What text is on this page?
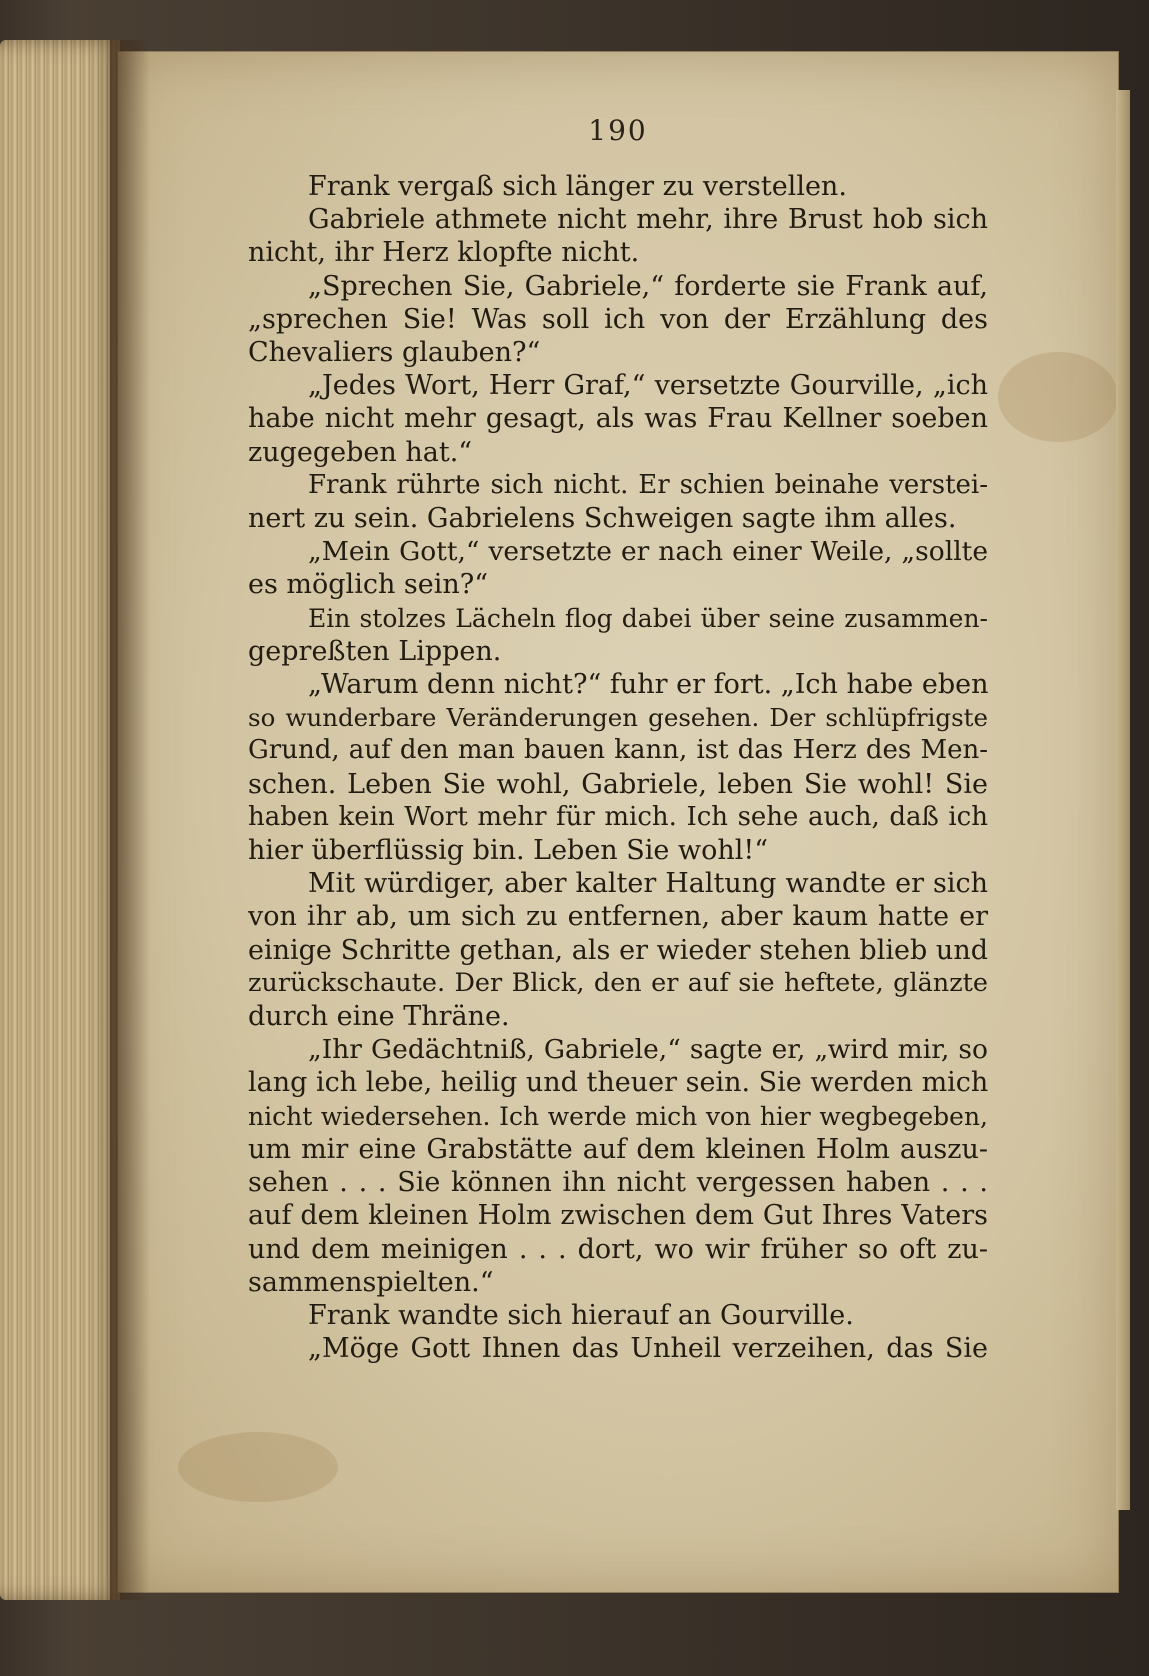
190
Frank vergaß sich länger zu verstellen.
Gabriele athmete nicht mehr, ihre Brust hob sich
nicht, ihr Herz klopfte nicht.
„Sprechen Sie, Gabriele,“ forderte sie Frank auf,
„sprechen Sie! Was soll ich von der Erzählung des
Chevaliers glauben?“
„Jedes Wort, Herr Graf,“ versetzte Gourville, „ich
habe nicht mehr gesagt, als was Frau Kellner soeben
zugegeben hat.“
Frank rührte sich nicht. Er schien beinahe verstei-
nert zu sein. Gabrielens Schweigen sagte ihm alles.
„Mein Gott,“ versetzte er nach einer Weile, „sollte
es möglich sein?“
Ein stolzes Lächeln flog dabei über seine zusammen-
gepreßten Lippen.
„Warum denn nicht?“ fuhr er fort. „Ich habe eben
so wunderbare Veränderungen gesehen. Der schlüpfrigste
Grund, auf den man bauen kann, ist das Herz des Men-
schen. Leben Sie wohl, Gabriele, leben Sie wohl! Sie
haben kein Wort mehr für mich. Ich sehe auch, daß ich
hier überflüssig bin. Leben Sie wohl!“
Mit würdiger, aber kalter Haltung wandte er sich
von ihr ab, um sich zu entfernen, aber kaum hatte er
einige Schritte gethan, als er wieder stehen blieb und
zurückschaute. Der Blick, den er auf sie heftete, glänzte
durch eine Thräne.
„Ihr Gedächtniß, Gabriele,“ sagte er, „wird mir, so
lang ich lebe, heilig und theuer sein. Sie werden mich
nicht wiedersehen. Ich werde mich von hier wegbegeben,
um mir eine Grabstätte auf dem kleinen Holm auszu-
sehen . . . Sie können ihn nicht vergessen haben . . .
auf dem kleinen Holm zwischen dem Gut Ihres Vaters
und dem meinigen . . . dort, wo wir früher so oft zu-
sammenspielten.“
Frank wandte sich hierauf an Gourville.
„Möge Gott Ihnen das Unheil verzeihen, das Sie
